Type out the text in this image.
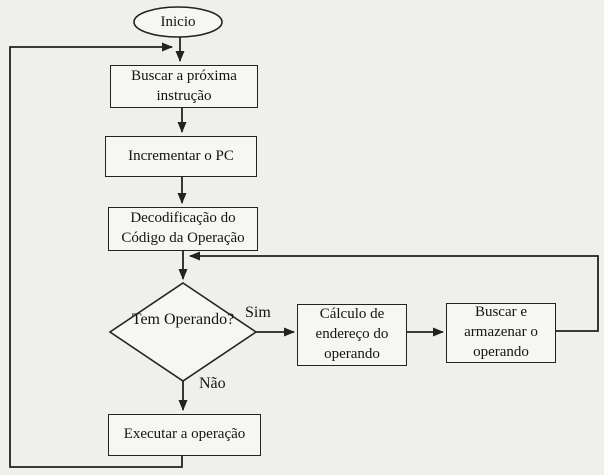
Inicio
Buscar a próxima instrução
Incrementar o PC
Decodificação do Código da Operação
Tem Operando? Sim
Não
Cálculo de endereço do operando
Buscar e armazenar o operando
Executar a operação
